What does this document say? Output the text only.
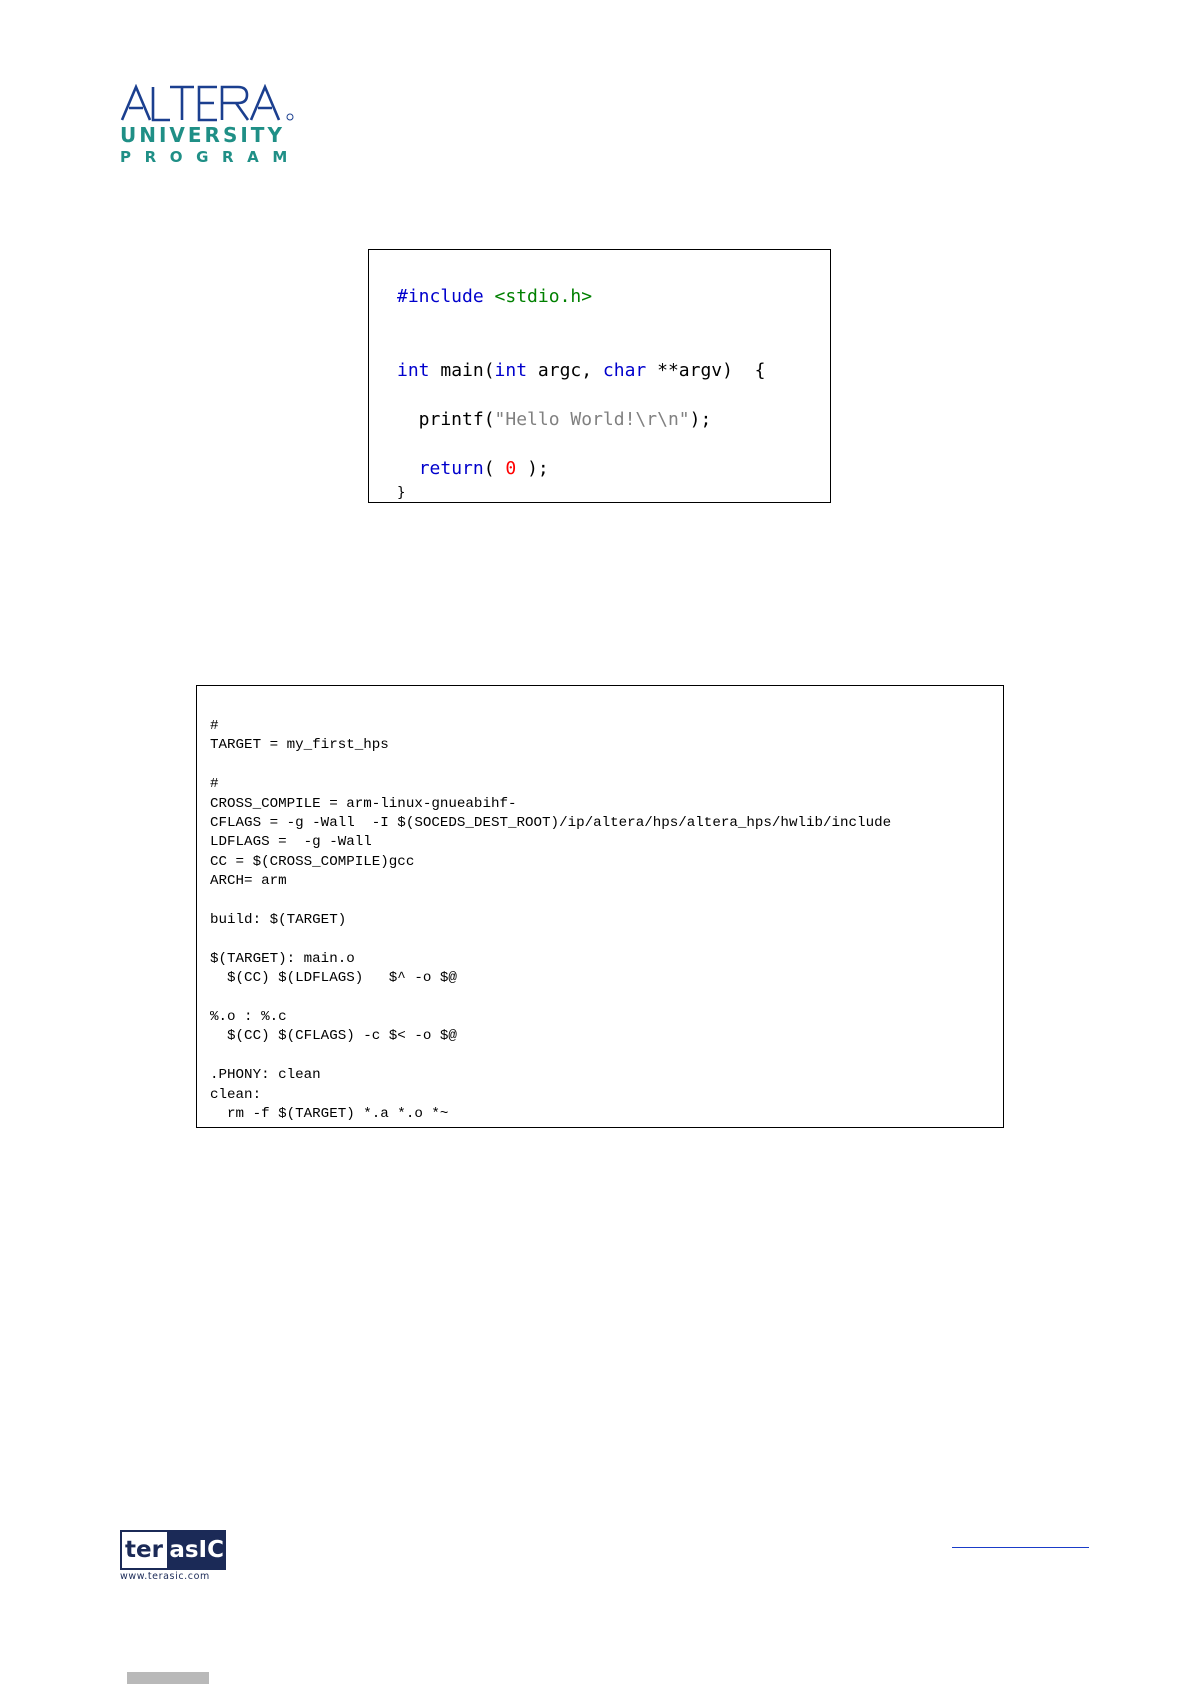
UNIVERSITY
PROGRAM
#include <stdio.h>
int main(int argc, char **argv)  {
printf("Hello World!\r\n");
return( 0 );
}
#
TARGET = my_first_hps
#
CROSS_COMPILE = arm-linux-gnueabihf-
CFLAGS = -g -Wall  -I $(SOCEDS_DEST_ROOT)/ip/altera/hps/altera_hps/hwlib/include
LDFLAGS =  -g -Wall
CC = $(CROSS_COMPILE)gcc
ARCH= arm
build: $(TARGET)
$(TARGET): main.o
$(CC) $(LDFLAGS)   $^ -o $@
%.o : %.c
$(CC) $(CFLAGS) -c $< -o $@
.PHONY: clean
clean:
rm -f $(TARGET) *.a *.o *~
ter asIC
www.terasic.com
